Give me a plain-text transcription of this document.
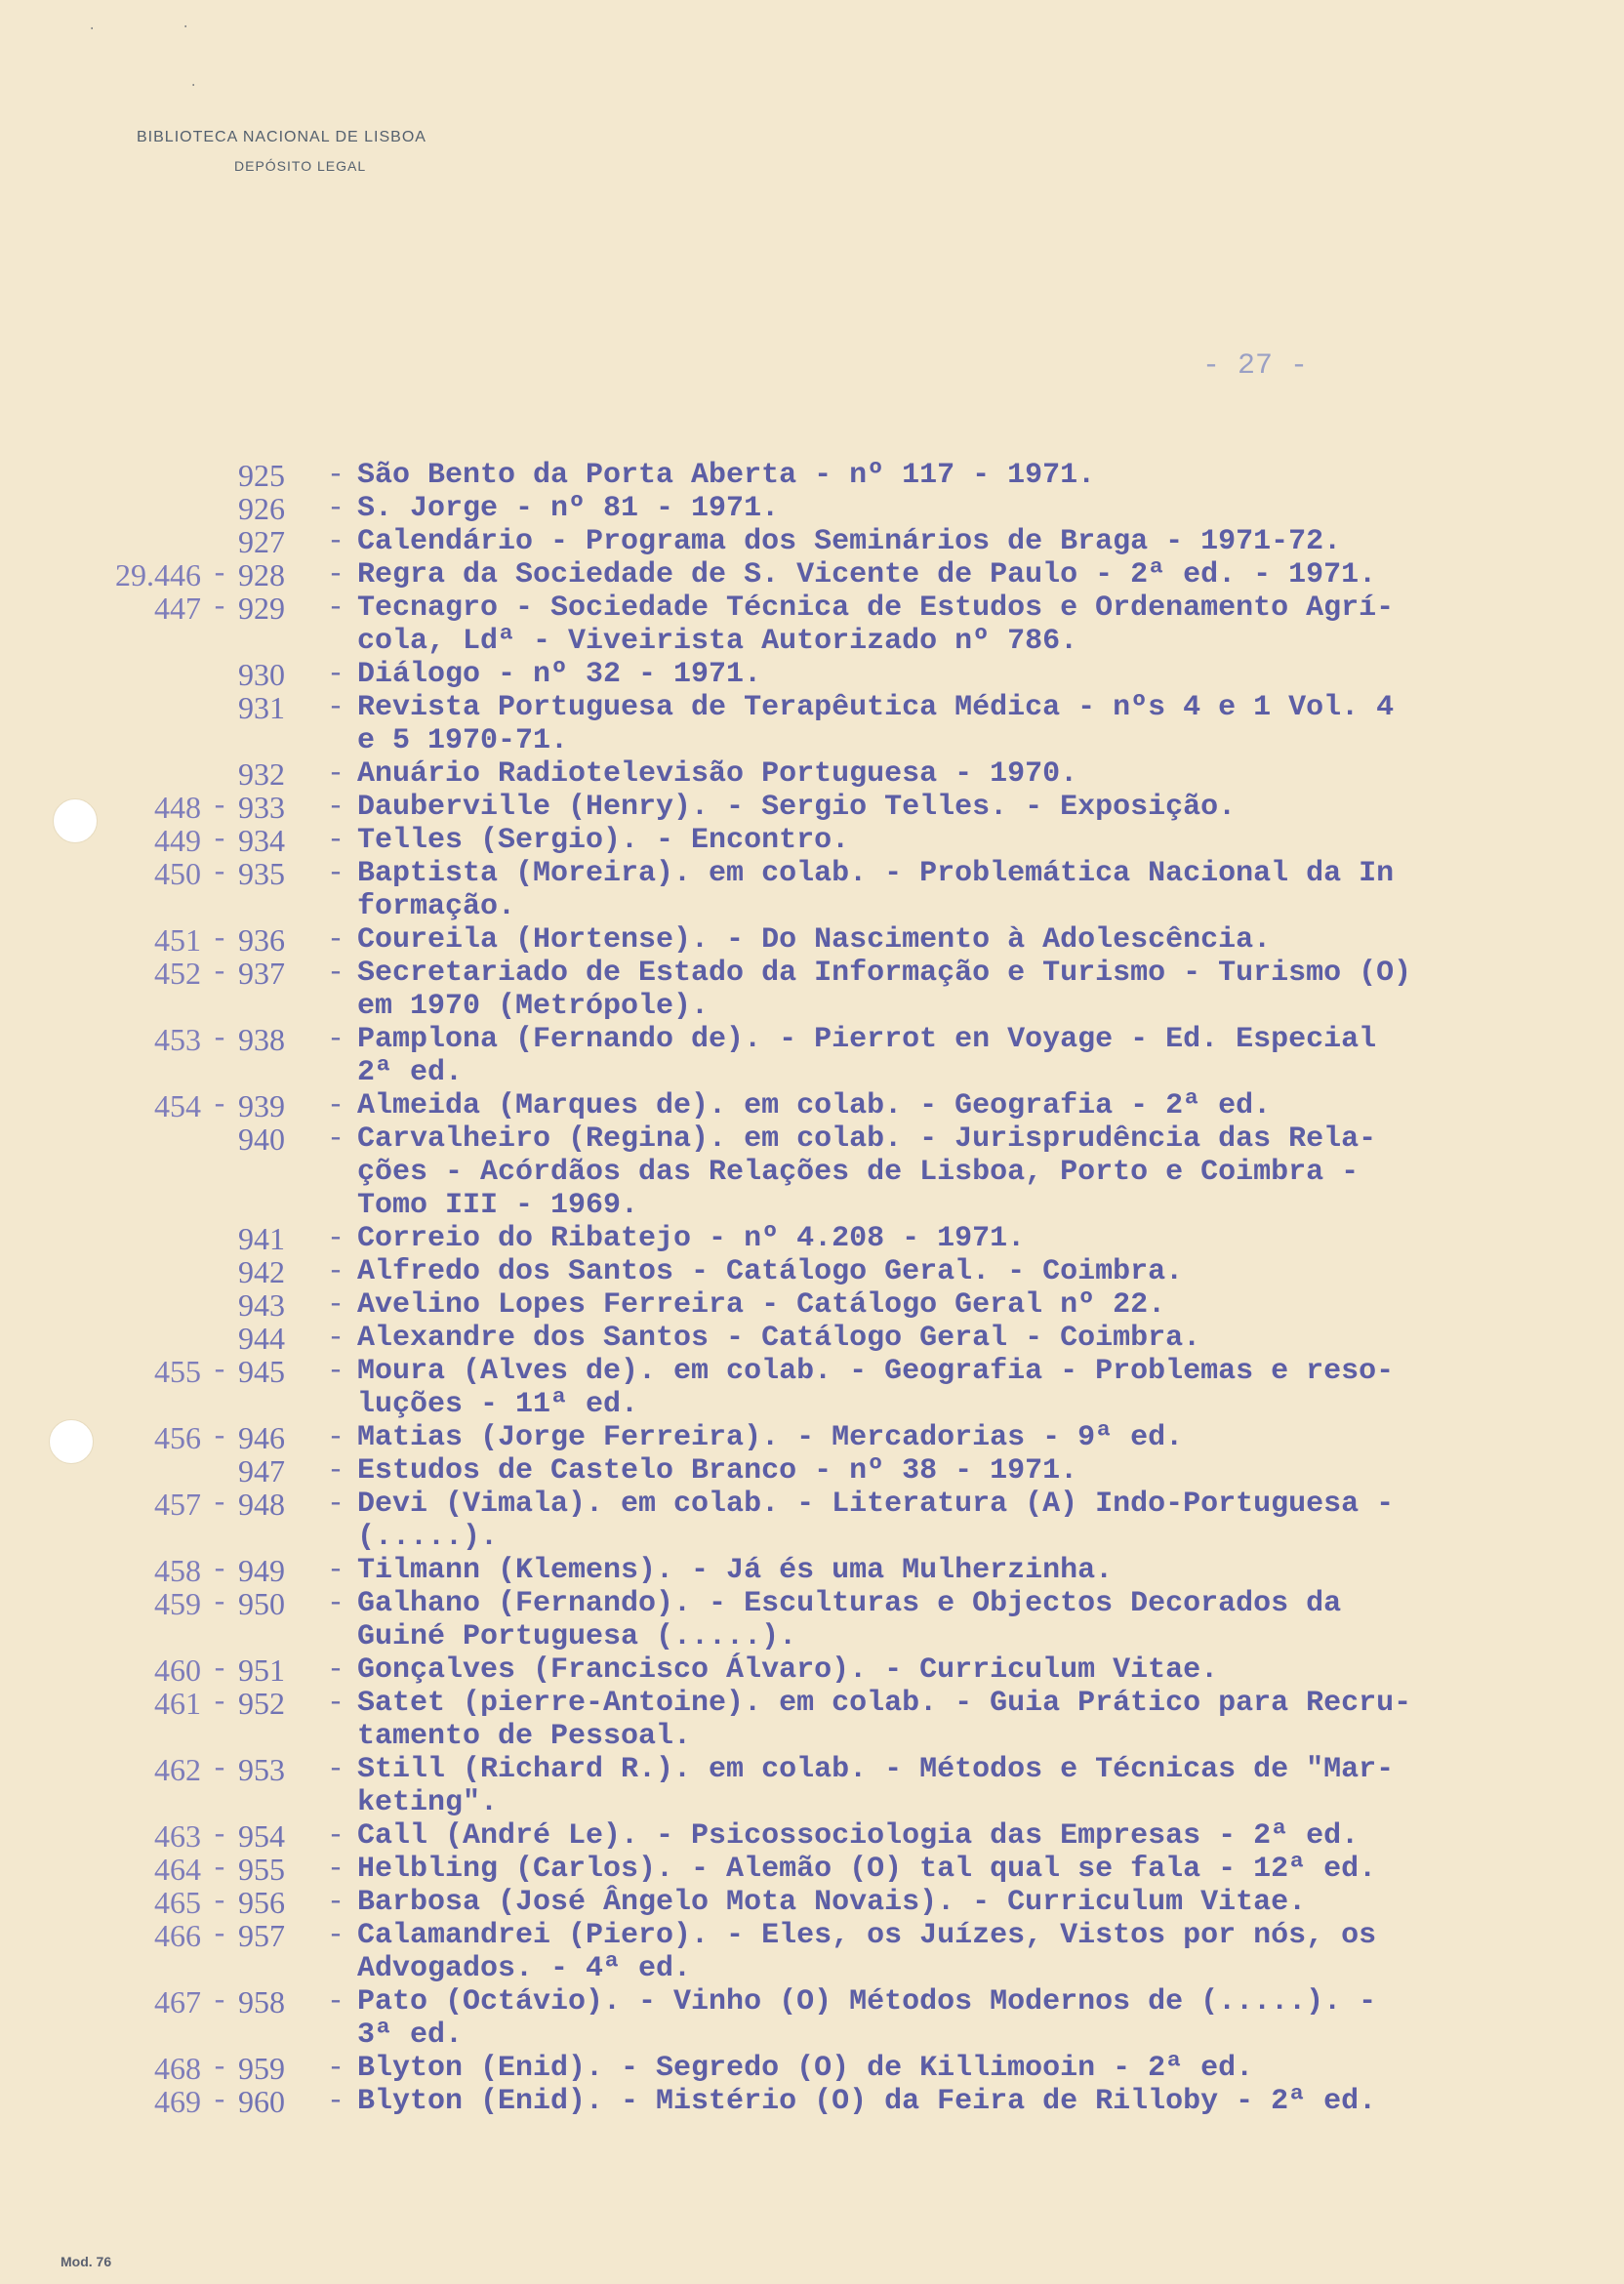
BIBLIOTECA NACIONAL DE LISBOA
DEPÓSITO LEGAL
·	·
·
- 27 -
925	- São Bento da Porta Aberta - nº 117 - 1971.
926	- S. Jorge - nº 81 - 1971.
927	- Calendário - Programa dos Seminários de Braga - 1971-72.
29.446 - 928	- Regra da Sociedade de S. Vicente de Paulo - 2ª ed. - 1971.
447 - 929	- Tecnagro - Sociedade Técnica de Estudos e Ordenamento Agrí-
cola, Ldª - Viveirista Autorizado nº 786.
930	- Diálogo - nº 32 - 1971.
931	- Revista Portuguesa de Terapêutica Médica - nºs 4 e 1 Vol. 4
e 5 1970-71.
932	- Anuário Radiotelevisão Portuguesa - 1970.
448 - 933	- Dauberville (Henry). - Sergio Telles. - Exposição.
449 - 934	- Telles (Sergio). - Encontro.
450 - 935	- Baptista (Moreira). em colab. - Problemática Nacional da In
formação.
451 - 936	- Coureila (Hortense). - Do Nascimento à Adolescência.
452 - 937	- Secretariado de Estado da Informação e Turismo - Turismo (O)
em 1970 (Metrópole).
453 - 938	- Pamplona (Fernando de). - Pierrot en Voyage - Ed. Especial
2ª ed.
454 - 939	- Almeida (Marques de). em colab. - Geografia - 2ª ed.
940	- Carvalheiro (Regina). em colab. - Jurisprudência das Rela-
ções - Acórdãos das Relações de Lisboa, Porto e Coimbra -
Tomo III - 1969.
941	- Correio do Ribatejo - nº 4.208 - 1971.
942	- Alfredo dos Santos - Catálogo Geral. - Coimbra.
943	- Avelino Lopes Ferreira - Catálogo Geral nº 22.
944	- Alexandre dos Santos - Catálogo Geral - Coimbra.
455 - 945	- Moura (Alves de). em colab. - Geografia - Problemas e reso-
luções - 11ª ed.
456 - 946	- Matias (Jorge Ferreira). - Mercadorias - 9ª ed.
947	- Estudos de Castelo Branco - nº 38 - 1971.
457 - 948	- Devi (Vimala). em colab. - Literatura (A) Indo-Portuguesa -
(.....).
458 - 949	- Tilmann (Klemens). - Já és uma Mulherzinha.
459 - 950	- Galhano (Fernando). - Esculturas e Objectos Decorados da
Guiné Portuguesa (.....).
460 - 951	- Gonçalves (Francisco Álvaro). - Curriculum Vitae.
461 - 952	- Satet (pierre-Antoine). em colab. - Guia Prático para Recru-
tamento de Pessoal.
462 - 953	- Still (Richard R.). em colab. - Métodos e Técnicas de "Mar-
keting".
463 - 954	- Call (André Le). - Psicossociologia das Empresas - 2ª ed.
464 - 955	- Helbling (Carlos). - Alemão (O) tal qual se fala - 12ª ed.
465 - 956	- Barbosa (José Ângelo Mota Novais). - Curriculum Vitae.
466 - 957	- Calamandrei (Piero). - Eles, os Juízes, Vistos por nós, os
Advogados. - 4ª ed.
467 - 958	- Pato (Octávio). - Vinho (O) Métodos Modernos de (.....). -
3ª ed.
468 - 959	- Blyton (Enid). - Segredo (O) de Killimooin - 2ª ed.
469 - 960	- Blyton (Enid). - Mistério (O) da Feira de Rilloby - 2ª ed.
Mod. 76
